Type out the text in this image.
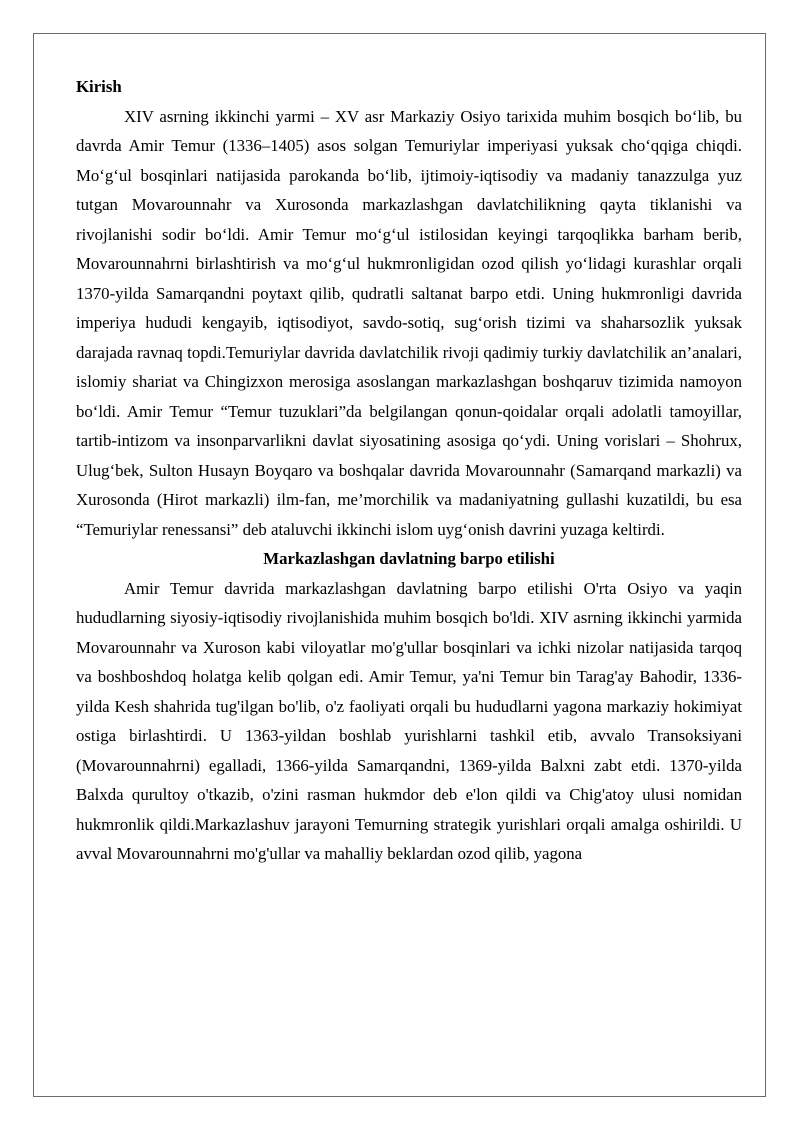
Kirish

XIV asrning ikkinchi yarmi – XV asr Markaziy Osiyo tarixida muhim bosqich bo‘lib, bu davrda Amir Temur (1336–1405) asos solgan Temuriylar imperiyasi yuksak cho‘qqiga chiqdi. Mo‘g‘ul bosqinlari natijasida parokanda bo‘lib, ijtimoiy-iqtisodiy va madaniy tanazzulga yuz tutgan Movarounnahr va Xurosonda markazlashgan davlatchilikning qayta tiklanishi va rivojlanishi sodir bo‘ldi. Amir Temur mo‘g‘ul istilosidan keyingi tarqoqlikka barham berib, Movarounnahrni birlashtirish va mo‘g‘ul hukmronligidan ozod qilish yo‘lidagi kurashlar orqali 1370-yilda Samarqandni poytaxt qilib, qudratli saltanat barpo etdi. Uning hukmronligi davrida imperiya hududi kengayib, iqtisodiyot, savdo-sotiq, sug‘orish tizimi va shaharsozlik yuksak darajada ravnaq topdi.Temuriylar davrida davlatchilik rivoji qadimiy turkiy davlatchilik an’analari, islomiy shariat va Chingizxon merosiga asoslangan markazlashgan boshqaruv tizimida namoyon bo‘ldi. Amir Temur “Temur tuzuklari”da belgilangan qonun-qoidalar orqali adolatli tamoyillar, tartib-intizom va insonparvarlikni davlat siyosatining asosiga qo‘ydi. Uning vorislari – Shohrux, Ulug‘bek, Sulton Husayn Boyqaro va boshqalar davrida Movarounnahr (Samarqand markazli) va Xurosonda (Hirot markazli) ilm-fan, me’morchilik va madaniyatning gullashi kuzatildi, bu esa “Temuriylar renessansi” deb ataluvchi ikkinchi islom uyg‘onish davrini yuzaga keltirdi.

Markazlashgan davlatning barpo etilishi

Amir Temur davrida markazlashgan davlatning barpo etilishi O'rta Osiyo va yaqin hududlarning siyosiy-iqtisodiy rivojlanishida muhim bosqich bo'ldi. XIV asrning ikkinchi yarmida Movarounnahr va Xuroson kabi viloyatlar mo'g'ullar bosqinlari va ichki nizolar natijasida tarqoq va boshboshdoq holatga kelib qolgan edi. Amir Temur, ya'ni Temur bin Tarag'ay Bahodir, 1336-yilda Kesh shahrida tug'ilgan bo'lib, o'z faoliyati orqali bu hududlarni yagona markaziy hokimiyat ostiga birlashtirdi. U 1363-yildan boshlab yurishlarni tashkil etib, avvalo Transoksiyani (Movarounnahrni) egalladi, 1366-yilda Samarqandni, 1369-yilda Balxni zabt etdi. 1370-yilda Balxda qurultoy o'tkazib, o'zini rasman hukmdor deb e'lon qildi va Chig'atoy ulusi nomidan hukmronlik qildi.Markazlashuv jarayoni Temurning strategik yurishlari orqali amalga oshirildi. U avval Movarounnahrni mo'g'ullar va mahalliy beklardan ozod qilib, yagona
